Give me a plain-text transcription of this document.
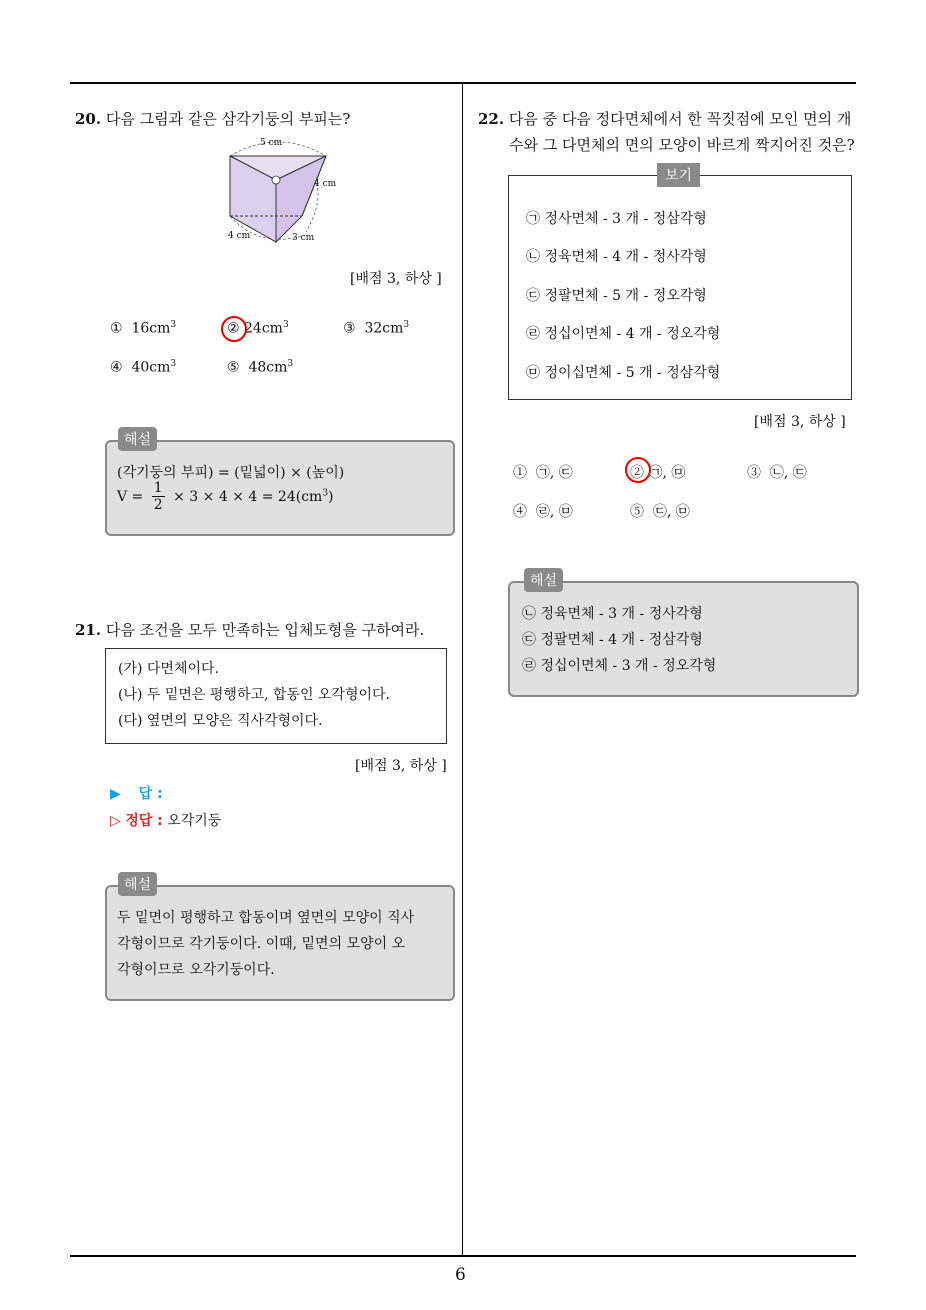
6
20. 다음 그림과 같은 삼각기둥의 부피는?
5 cm
4 cm
4 cm	3 cm
[배점 3, 하상 ]
① $16cm^3$	② $24cm^3$	③ $32cm^3$
④ $40cm^3$	⑤ $48cm^3$
해설
(각기둥의 부피) = (밑넓이) × (높이)
$V = \frac{1}{2} \times 3 \times 4 \times 4 = 24(cm^3)$
21. 다음 조건을 모두 만족하는 입체도형을 구하여라.
(가) 다면체이다.
(나) 두 밑면은 평행하고, 합동인 오각형이다.
(다) 옆면의 모양은 직사각형이다.
[배점 3, 하상 ]
▶ 답 :
▷ 정답 : 오각기둥
해설
두 밑면이 평행하고 합동이며 옆면의 모양이 직사
각형이므로 각기둥이다. 이때, 밑면의 모양이 오
각형이므로 오각기둥이다.
22. 다음 중 다음 정다면체에서 한 꼭짓점에 모인 면의 개
수와 그 다면체의 면의 모양이 바르게 짝지어진 것은?
보기
㉠ 정사면체 - 3 개 - 정삼각형
㉡ 정육면체 - 4 개 - 정사각형
㉢ 정팔면체 - 5 개 - 정오각형
㉣ 정십이면체 - 4 개 - 정오각형
㉤ 정이십면체 - 5 개 - 정삼각형
[배점 3, 하상 ]
① ㉠, ㉢	② ㉠, ㉤	③ ㉡, ㉢
④ ㉣, ㉤	⑤ ㉢, ㉤
해설
㉡ 정육면체 - 3 개 - 정사각형
㉢ 정팔면체 - 4 개 - 정삼각형
㉣ 정십이면체 - 3 개 - 정오각형
